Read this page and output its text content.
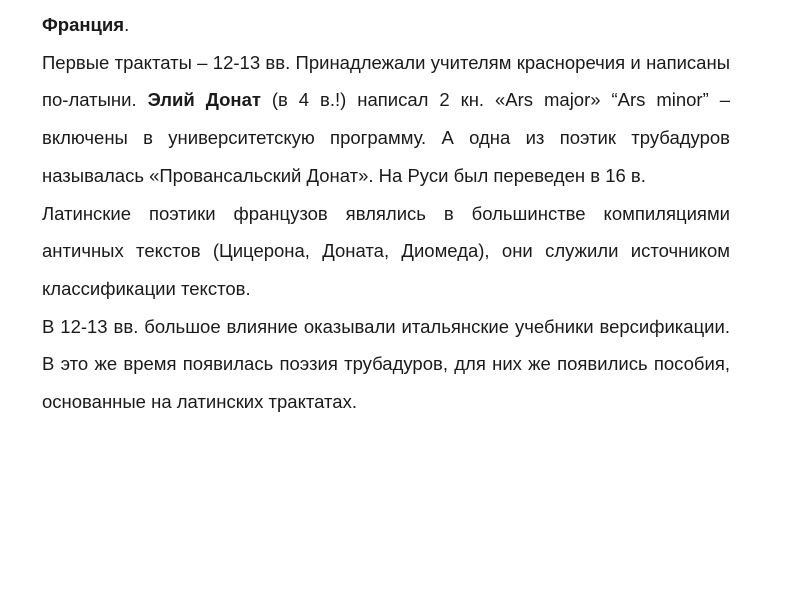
Франция.

Первые трактаты – 12-13 вв. Принадлежали учителям красноречия и написаны по-латыни. Элий Донат (в 4 в.!) написал 2 кн. «Ars major» “Ars minor” –включены в университетскую программу. А одна из поэтик трубадуров называлась «Провансальский Донат». На Руси был переведен в 16 в.

Латинские поэтики французов являлись в большинстве компиляциями античных текстов (Цицерона, Доната, Диомеда), они служили источником классификации текстов.

В 12-13 вв. большое влияние оказывали итальянские учебники версификации. В это же время появилась поэзия трубадуров, для них же появились пособия, основанные на латинских трактатах.
